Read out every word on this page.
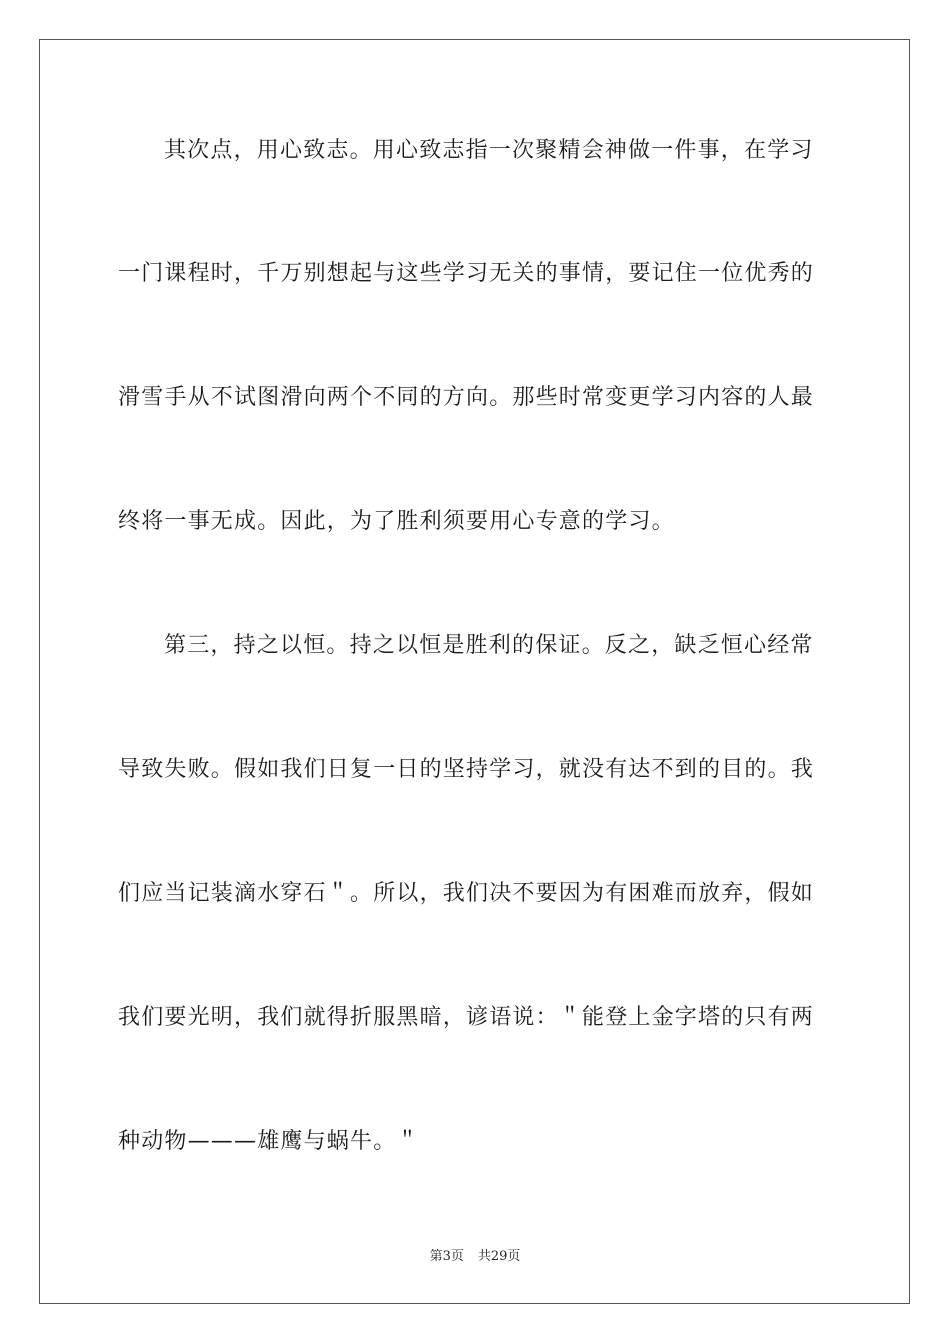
其次点，用心致志。用心致志指一次聚精会神做一件事，在学习
一门课程时，千万别想起与这些学习无关的事情，要记住一位优秀的
滑雪手从不试图滑向两个不同的方向。那些时常变更学习内容的人最
终将一事无成。因此，为了胜利须要用心专意的学习。
第三，持之以恒。持之以恒是胜利的保证。反之，缺乏恒心经常
导致失败。假如我们日复一日的坚持学习，就没有达不到的目的。我
们应当记装滴水穿石＂。所以，我们决不要因为有困难而放弃，假如
我们要光明，我们就得折服黑暗，谚语说：＂能登上金字塔的只有两
种动物———雄鹰与蜗牛。＂
第3页 共29页
